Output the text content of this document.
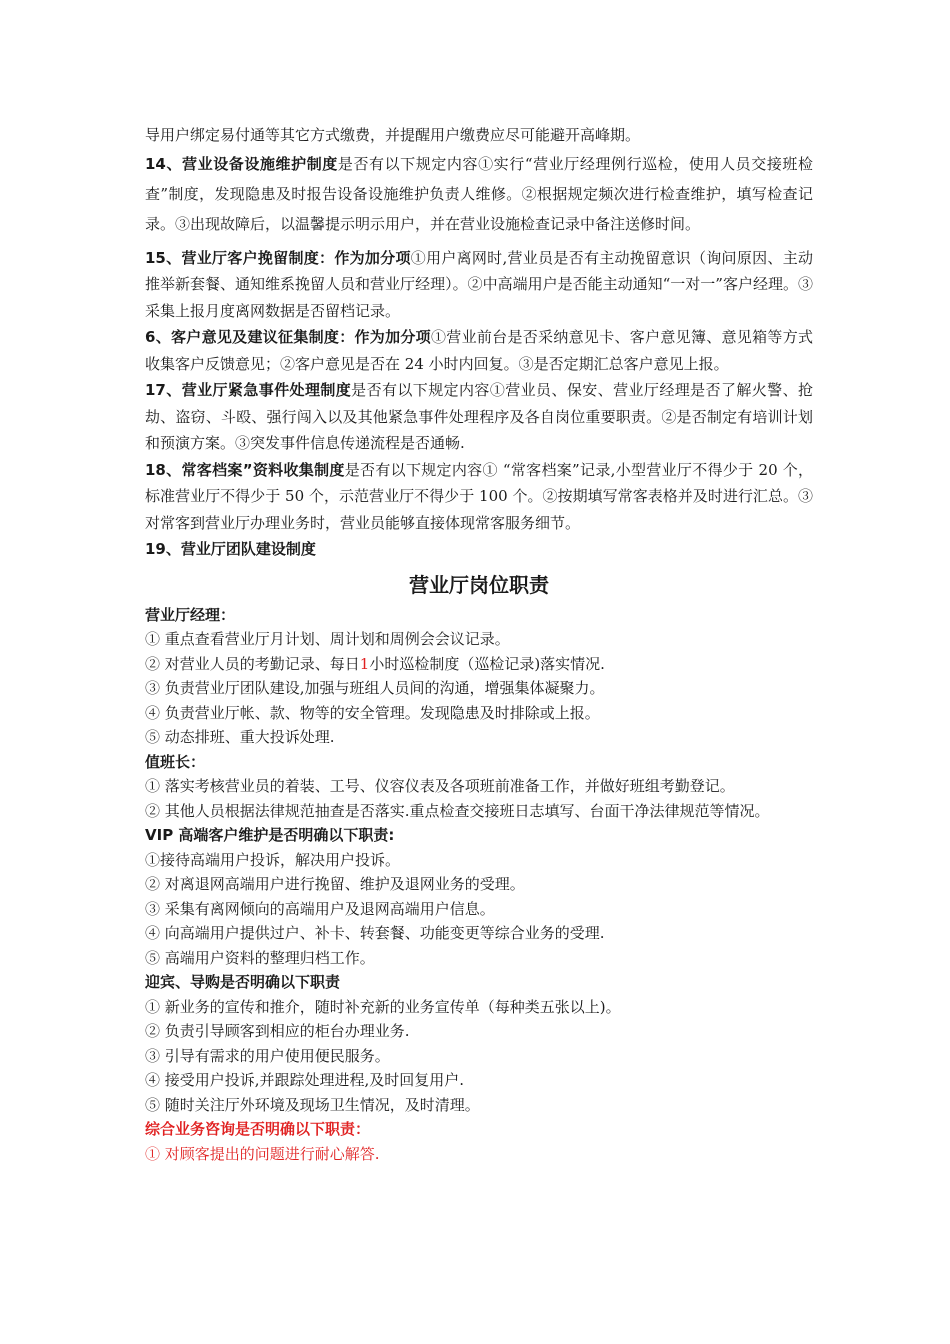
导用户绑定易付通等其它方式缴费，并提醒用户缴费应尽可能避开高峰期。

14、营业设备设施维护制度是否有以下规定内容①实行“营业厅经理例行巡检，使用人员交接班检查”制度，发现隐患及时报告设备设施维护负责人维修。②根据规定频次进行检查维护，填写检查记录。③出现故障后，以温馨提示明示用户，并在营业设施检查记录中备注送修时间。

15、营业厅客户挽留制度：作为加分项①用户离网时,营业员是否有主动挽留意识（询问原因、主动推举新套餐、通知维系挽留人员和营业厅经理）。②中高端用户是否能主动通知“一对一”客户经理。③采集上报月度离网数据是否留档记录。

6、客户意见及建议征集制度：作为加分项①营业前台是否采纳意见卡、客户意见簿、意见箱等方式收集客户反馈意见；②客户意见是否在 24 小时内回复。③是否定期汇总客户意见上报。

17、营业厅紧急事件处理制度是否有以下规定内容①营业员、保安、营业厅经理是否了解火警、抢劫、盗窃、斗殴、强行闯入以及其他紧急事件处理程序及各自岗位重要职责。②是否制定有培训计划和预演方案。③突发事件信息传递流程是否通畅.

18、常客档案”资料收集制度是否有以下规定内容① “常客档案”记录,小型营业厅不得少于 20 个，标准营业厅不得少于 50 个，示范营业厅不得少于 100 个。②按期填写常客表格并及时进行汇总。③对常客到营业厅办理业务时，营业员能够直接体现常客服务细节。

19、营业厅团队建设制度

营业厅岗位职责

营业厅经理：

① 重点查看营业厅月计划、周计划和周例会会议记录。

② 对营业人员的考勤记录、每日1小时巡检制度（巡检记录)落实情况.

③ 负责营业厅团队建设,加强与班组人员间的沟通，增强集体凝聚力。

④ 负责营业厅帐、款、物等的安全管理。发现隐患及时排除或上报。

⑤ 动态排班、重大投诉处理.

值班长：

① 落实考核营业员的着装、工号、仪容仪表及各项班前准备工作，并做好班组考勤登记。

② 其他人员根据法律规范抽查是否落实.重点检查交接班日志填写、台面干净法律规范等情况。

VIP 高端客户维护是否明确以下职责:

①接待高端用户投诉，解决用户投诉。

② 对离退网高端用户进行挽留、维护及退网业务的受理。

③ 采集有离网倾向的高端用户及退网高端用户信息。

④ 向高端用户提供过户、补卡、转套餐、功能变更等综合业务的受理.

⑤ 高端用户资料的整理归档工作。

迎宾、导购是否明确以下职责

① 新业务的宣传和推介，随时补充新的业务宣传单（每种类五张以上)。

② 负责引导顾客到相应的柜台办理业务.

③ 引导有需求的用户使用便民服务。

④ 接受用户投诉,并跟踪处理进程,及时回复用户.

⑤ 随时关注厅外环境及现场卫生情况，及时清理。

综合业务咨询是否明确以下职责：

① 对顾客提出的问题进行耐心解答.
